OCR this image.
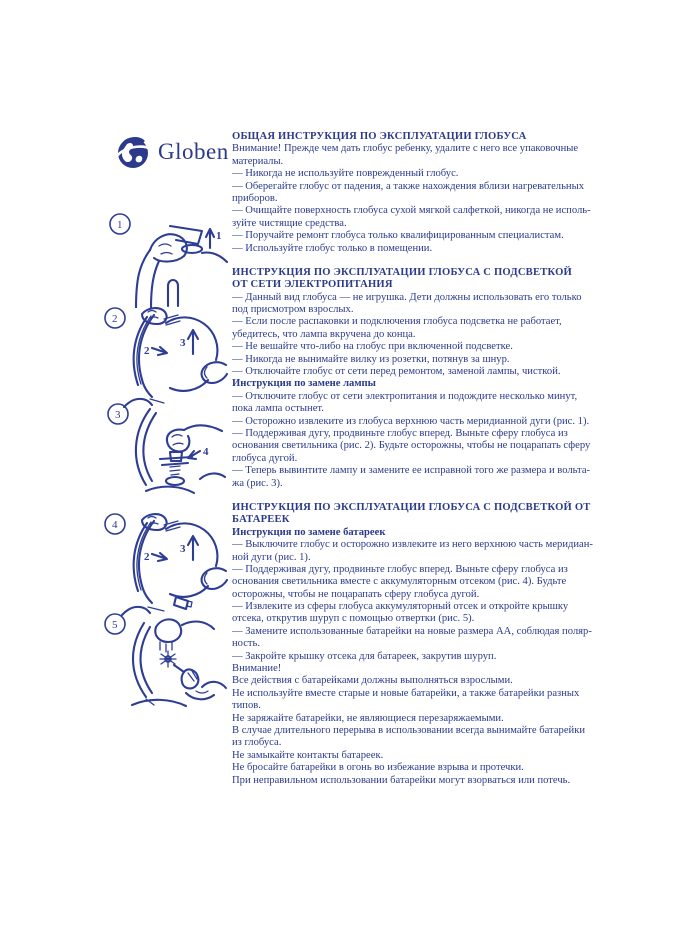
Globen
1
1
2
2
3
3
4
4
2
3
5
ОБЩАЯ ИНСТРУКЦИЯ ПО ЭКСПЛУАТАЦИИ ГЛОБУСА
Внимание! Прежде чем дать глобус ребенку, удалите с него все упаковочные
материалы.
— Никогда не используйте поврежденный глобус.
— Оберегайте глобус от падения, а также нахождения вблизи нагревательных
приборов.
— Очищайте поверхность глобуса сухой мягкой салфеткой, никогда не исполь-
зуйте чистящие средства.
— Поручайте ремонт глобуса только квалифицированным специалистам.
— Используйте глобус только в помещении.
ИНСТРУКЦИЯ ПО ЭКСПЛУАТАЦИИ ГЛОБУСА С ПОДСВЕТКОЙ
ОТ СЕТИ ЭЛЕКТРОПИТАНИЯ
— Данный вид глобуса — не игрушка. Дети должны использовать его только
под присмотром взрослых.
— Если после распаковки и подключения глобуса подсветка не работает,
убедитесь, что лампа вкручена до конца.
— Не вешайте что-либо на глобус при включенной подсветке.
— Никогда не вынимайте вилку из розетки, потянув за шнур.
— Отключайте глобус от сети перед ремонтом, заменой лампы, чисткой.
Инструкция по замене лампы
— Отключите глобус от сети электропитания и подождите несколько минут,
пока лампа остынет.
— Осторожно извлеките из глобуса верхнюю часть меридианной дуги (рис. 1).
— Поддерживая дугу, продвиньте глобус вперед. Выньте сферу глобуса из
основания светильника (рис. 2). Будьте осторожны, чтобы не поцарапать сферу
глобуса дугой.
— Теперь вывинтите лампу и замените ее исправной того же размера и вольта-
жа (рис. 3).
ИНСТРУКЦИЯ ПО ЭКСПЛУАТАЦИИ ГЛОБУСА С ПОДСВЕТКОЙ ОТ
БАТАРЕЕК
Инструкция по замене батареек
— Выключите глобус и осторожно извлеките из него верхнюю часть меридиан-
ной дуги (рис. 1).
— Поддерживая дугу, продвиньте глобус вперед. Выньте сферу глобуса из
основания светильника вместе с аккумуляторным отсеком (рис. 4). Будьте
осторожны, чтобы не поцарапать сферу глобуса дугой.
— Извлеките из сферы глобуса аккумуляторный отсек и откройте крышку
отсека, открутив шуруп с помощью отвертки (рис. 5).
— Замените использованные батарейки на новые размера АА, соблюдая поляр-
ность.
— Закройте крышку отсека для батареек, закрутив шуруп.
Внимание!
Все действия с батарейками должны выполняться взрослыми.
Не используйте вместе старые и новые батарейки, а также батарейки разных
типов.
Не заряжайте батарейки, не являющиеся перезаряжаемыми.
В случае длительного перерыва в использовании всегда вынимайте батарейки
из глобуса.
Не замыкайте контакты батареек.
Не бросайте батарейки в огонь во избежание взрыва и протечки.
При неправильном использовании батарейки могут взорваться или потечь.
